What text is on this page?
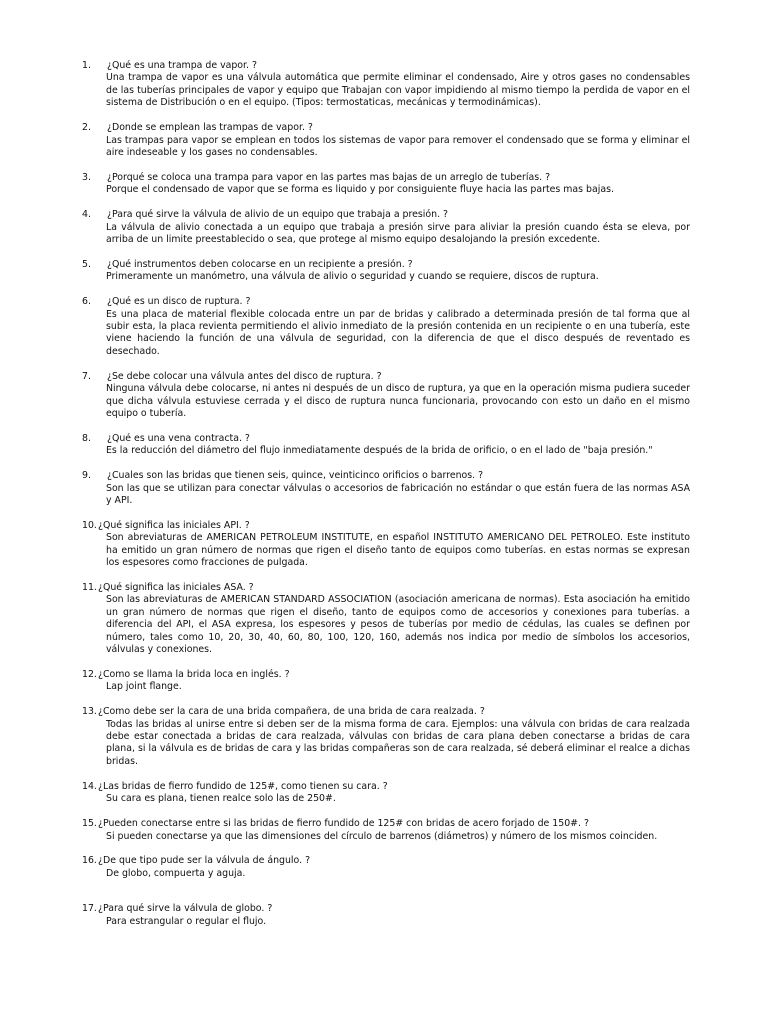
1. ¿Qué es una trampa de vapor. ?
Una trampa de vapor es una válvula automática que permite eliminar el condensado, Aire y otros gases no condensables de las tuberías principales de vapor y equipo que Trabajan con vapor impidiendo al mismo tiempo la perdida de vapor en el sistema de Distribución o en el equipo. (Tipos: termostaticas, mecánicas y termodinámicas).
2. ¿Donde se emplean las trampas de vapor. ?
Las trampas para vapor se emplean en todos los sistemas de vapor para remover el condensado que se forma y eliminar el aire indeseable y los gases no condensables.
3. ¿Porqué se coloca una trampa para vapor en las partes mas bajas de un arreglo de tuberías. ?
Porque el condensado de vapor que se forma es liquido y por consiguiente fluye hacia las partes mas bajas.
4. ¿Para qué sirve la válvula de alivio de un equipo que trabaja a presión. ?
La válvula de alivio conectada a un equipo que trabaja a presión sirve para aliviar la presión cuando ésta se eleva, por arriba de un limite preestablecido o sea, que protege al mismo equipo desalojando la presión excedente.
5. ¿Qué instrumentos deben colocarse en un recipiente a presión. ?
Primeramente un manómetro, una válvula de alivio o seguridad y cuando se requiere, discos de ruptura.
6. ¿Qué es un disco de ruptura. ?
Es una placa de material flexible colocada entre un par de bridas y calibrado a determinada presión de tal forma que al subir esta, la placa revienta permitiendo el alivio inmediato de la presión contenida en un recipiente o en una tubería, este viene haciendo la función de una válvula de seguridad, con la diferencia de que el disco después de reventado es desechado.
7. ¿Se debe colocar una válvula antes del disco de ruptura. ?
Ninguna válvula debe colocarse, ni antes ni después de un disco de ruptura, ya que en la operación misma pudiera suceder que dicha válvula estuviese cerrada y el disco de ruptura nunca funcionaria, provocando con esto un daño en el mismo equipo o tubería.
8. ¿Qué es una vena contracta. ?
Es la reducción del diámetro del flujo inmediatamente después de la brida de orificio, o en el lado de "baja presión."
9. ¿Cuales son las bridas que tienen seis, quince, veinticinco orificios o barrenos. ?
Son las que se utilizan para conectar válvulas o accesorios de fabricación no estándar o que están fuera de las normas ASA y API.
10. ¿Qué significa las iniciales API. ?
Son abreviaturas de AMERICAN PETROLEUM INSTITUTE, en español INSTITUTO AMERICANO DEL PETROLEO. Este instituto ha emitido un gran número de normas que rigen el diseño tanto de equipos como tuberías. en estas normas se expresan los espesores como fracciones de pulgada.
11. ¿Qué significa las iniciales ASA. ?
Son las abreviaturas de AMERICAN STANDARD ASSOCIATION (asociación americana de normas). Esta asociación ha emitido un gran número de normas que rigen el diseño, tanto de equipos como de accesorios y conexiones para tuberías. a diferencia del API, el ASA expresa, los espesores y pesos de tuberías por medio de cédulas, las cuales se definen por número, tales como 10, 20, 30, 40, 60, 80, 100, 120, 160, además nos indica por medio de símbolos los accesorios, válvulas y conexiones.
12. ¿Como se llama la brida loca en inglés. ?
Lap joint flange.
13. ¿Como debe ser la cara de una brida compañera, de una brida de cara realzada. ?
Todas las bridas al unirse entre si deben ser de la misma forma de cara. Ejemplos: una válvula con bridas de cara realzada debe estar conectada a bridas de cara realzada, válvulas con bridas de cara plana deben conectarse a bridas de cara plana, si la válvula es de bridas de cara y las bridas compañeras son de cara realzada, sé deberá eliminar el realce a dichas bridas.
14. ¿Las bridas de fierro fundido de 125#, como tienen su cara. ?
Su cara es plana, tienen realce solo las de 250#.
15. ¿Pueden conectarse entre si las bridas de fierro fundido de 125# con bridas de acero forjado de 150#. ?
Si pueden conectarse ya que las dimensiones del círculo de barrenos (diámetros) y número de los mismos coinciden.
16. ¿De que tipo pude ser la válvula de ángulo. ?
De globo, compuerta y aguja.
17. ¿Para qué sirve la válvula de globo. ?
Para estrangular o regular el flujo.
